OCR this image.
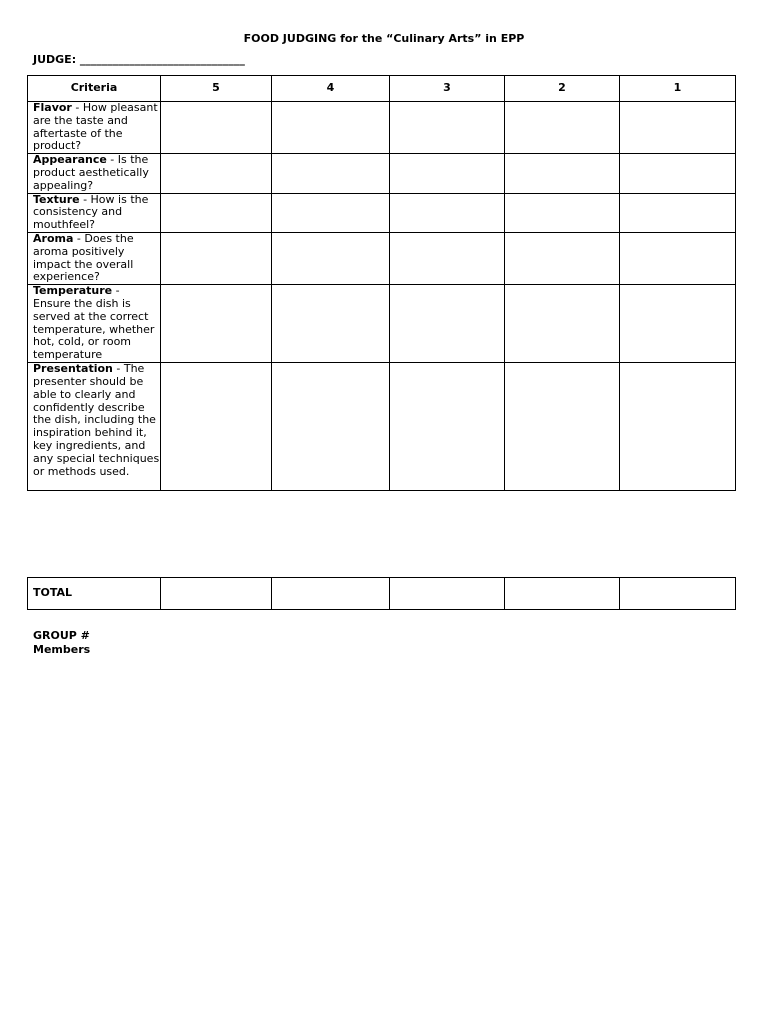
FOOD JUDGING for the “Culinary Arts” in EPP
JUDGE: ______________________________
Criteria	5	4	3	2	1
Flavor - How pleasant are the taste and aftertaste of the product?					
Appearance - Is the product aesthetically appealing?					
Texture - How is the consistency and mouthfeel?					
Aroma - Does the aroma positively impact the overall experience?					
Temperature - Ensure the dish is served at the correct temperature, whether hot, cold, or room temperature					
Presentation - The presenter should be able to clearly and confidently describe the dish, including the inspiration behind it, key ingredients, and any special techniques or methods used.					
TOTAL					
GROUP #
Members
